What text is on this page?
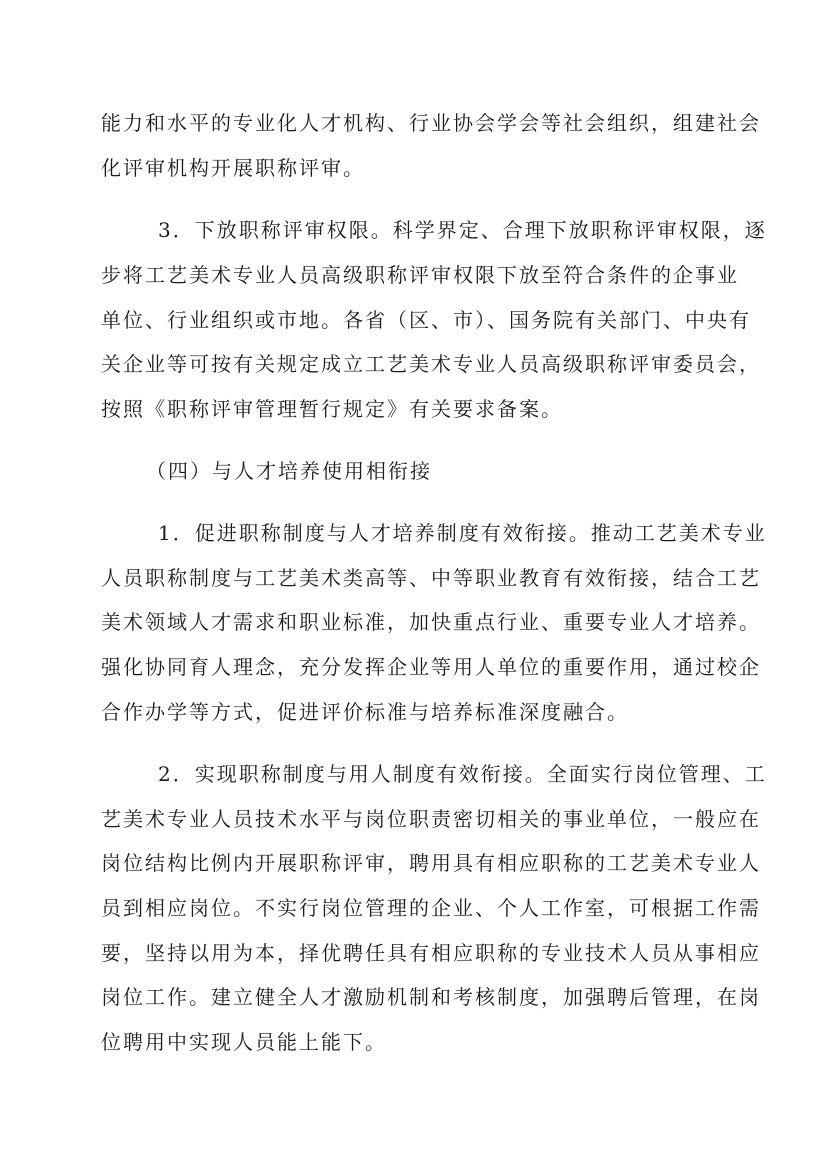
能力和水平的专业化人才机构、行业协会学会等社会组织，组建社会

化评审机构开展职称评审。

3．下放职称评审权限。科学界定、合理下放职称评审权限，逐

步将工艺美术专业人员高级职称评审权限下放至符合条件的企事业

单位、行业组织或市地。各省（区、市）、国务院有关部门、中央有

关企业等可按有关规定成立工艺美术专业人员高级职称评审委员会，

按照《职称评审管理暂行规定》有关要求备案。

（四）与人才培养使用相衔接

1．促进职称制度与人才培养制度有效衔接。推动工艺美术专业

人员职称制度与工艺美术类高等、中等职业教育有效衔接，结合工艺

美术领域人才需求和职业标准，加快重点行业、重要专业人才培养。

强化协同育人理念，充分发挥企业等用人单位的重要作用，通过校企

合作办学等方式，促进评价标准与培养标准深度融合。

2．实现职称制度与用人制度有效衔接。全面实行岗位管理、工

艺美术专业人员技术水平与岗位职责密切相关的事业单位，一般应在

岗位结构比例内开展职称评审，聘用具有相应职称的工艺美术专业人

员到相应岗位。不实行岗位管理的企业、个人工作室，可根据工作需

要，坚持以用为本，择优聘任具有相应职称的专业技术人员从事相应

岗位工作。建立健全人才激励机制和考核制度，加强聘后管理，在岗

位聘用中实现人员能上能下。
